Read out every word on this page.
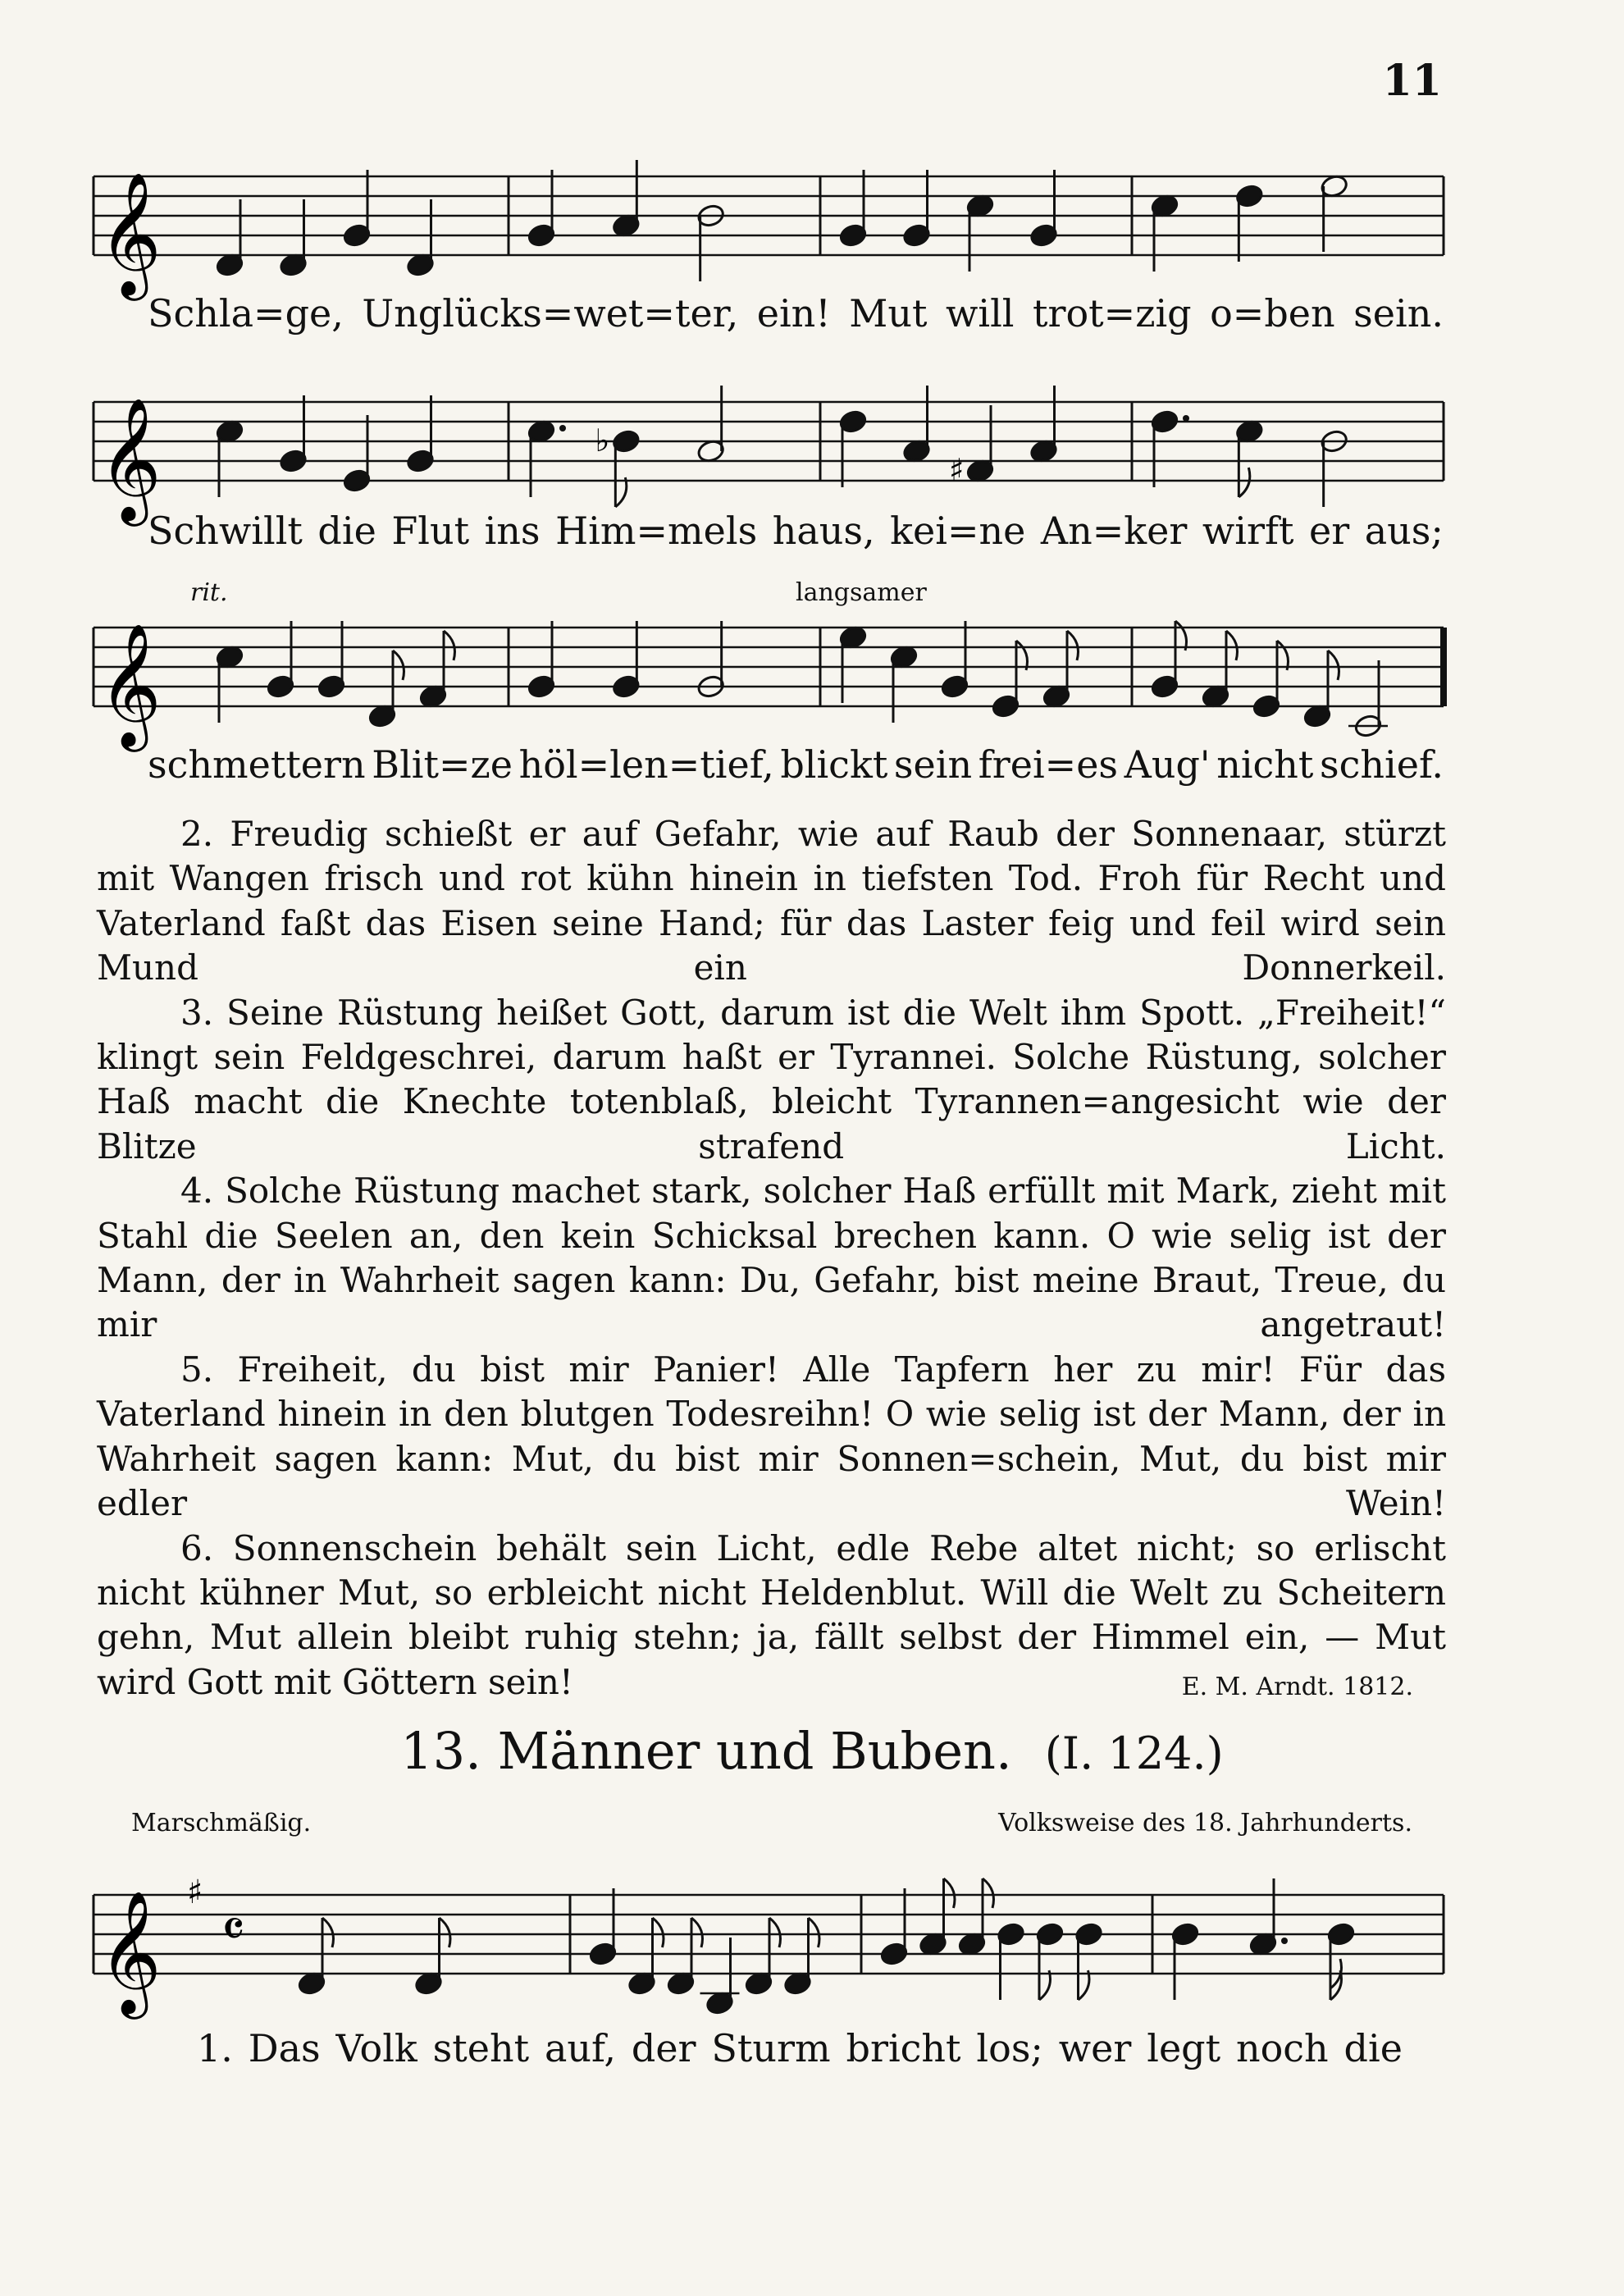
11
𝄞
Schla=ge, Unglücks=wet=ter, ein! Mut will trot=zig o=ben sein.
𝄞	♭
♯
Schwillt die Flut ins Him=mels haus, kei=ne An=ker wirft er aus;
rit.	langsamer
𝄞
schmettern Blit=ze höl=len=tief, blickt sein frei=es Aug' nicht schief.

2. Freudig schießt er auf Gefahr, wie auf Raub der Sonnenaar, stürzt mit Wangen frisch und rot kühn hinein in tiefsten Tod. Froh für Recht und Vaterland faßt das Eisen seine Hand; für das Laster feig und feil wird sein Mund ein Donnerkeil.

3. Seine Rüstung heißet Gott, darum ist die Welt ihm Spott. „Freiheit!“ klingt sein Feldgeschrei, darum haßt er Tyrannei. Solche Rüstung, solcher Haß macht die Knechte totenblaß, bleicht Tyrannen=angesicht wie der Blitze strafend Licht.

4. Solche Rüstung machet stark, solcher Haß erfüllt mit Mark, zieht mit Stahl die Seelen an, den kein Schicksal brechen kann. O wie selig ist der Mann, der in Wahrheit sagen kann: Du, Gefahr, bist meine Braut, Treue, du mir angetraut!

5. Freiheit, du bist mir Panier! Alle Tapfern her zu mir! Für das Vaterland hinein in den blutgen Todesreihn! O wie selig ist der Mann, der in Wahrheit sagen kann: Mut, du bist mir Sonnen=schein, Mut, du bist mir edler Wein!

6. Sonnenschein behält sein Licht, edle Rebe altet nicht; so erlischt nicht kühner Mut, so erbleicht nicht Heldenblut. Will die Welt zu Scheitern gehn, Mut allein bleibt ruhig stehn; ja, fällt selbst der Himmel ein, — Mut wird Gott mit Göttern sein!	E. M. Arndt. 1812.

13. Männer und Buben. (I. 124.)
Marschmäßig.	Volksweise des 18. Jahrhunderts.
𝄞 ♯
𝄴
1. Das Volk steht auf, der Sturm bricht los; wer legt noch die
